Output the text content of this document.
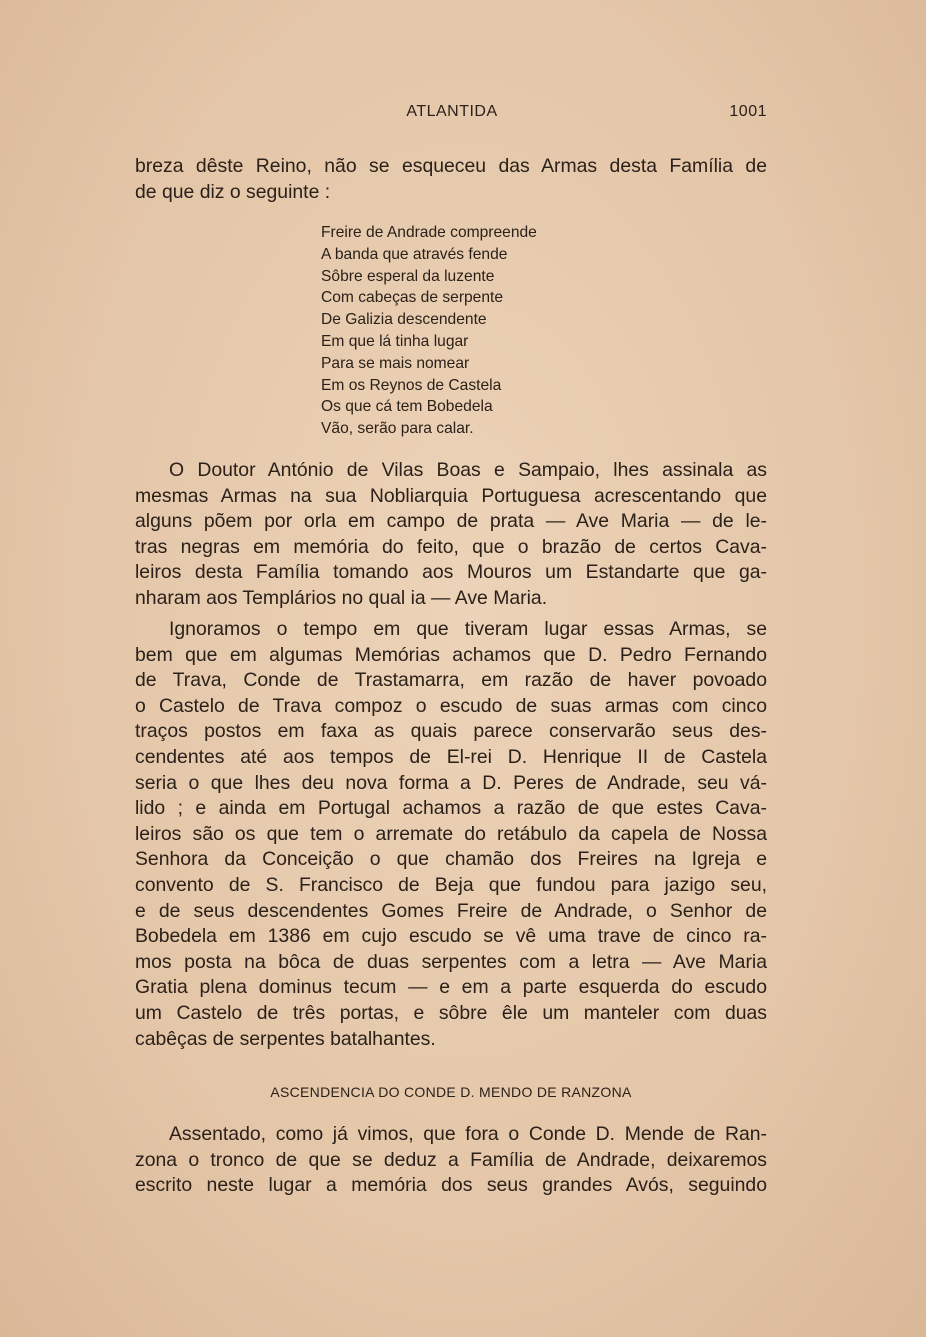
ATLANTIDA	1001
breza dêste Reino, não se esqueceu das Armas desta Família de
de que diz o seguinte :
Freire de Andrade compreende
A banda que através fende
Sôbre esperal da luzente
Com cabeças de serpente
De Galizia descendente
Em que lá tinha lugar
Para se mais nomear
Em os Reynos de Castela
Os que cá tem Bobedela
Vão, serão para calar.
O Doutor António de Vilas Boas e Sampaio, lhes assinala as
mesmas Armas na sua Nobliarquia Portuguesa acrescentando que
alguns põem por orla em campo de prata — Ave Maria — de le-
tras negras em memória do feito, que o brazão de certos Cava-
leiros desta Família tomando aos Mouros um Estandarte que ga-
nharam aos Templários no qual ia — Ave Maria.
Ignoramos o tempo em que tiveram lugar essas Armas, se
bem que em algumas Memórias achamos que D. Pedro Fernando
de Trava, Conde de Trastamarra, em razão de haver povoado
o Castelo de Trava compoz o escudo de suas armas com cinco
traços postos em faxa as quais parece conservarão seus des-
cendentes até aos tempos de El-rei D. Henrique II de Castela
seria o que lhes deu nova forma a D. Peres de Andrade, seu vá-
lido ; e ainda em Portugal achamos a razão de que estes Cava-
leiros são os que tem o arremate do retábulo da capela de Nossa
Senhora da Conceição o que chamão dos Freires na Igreja e
convento de S. Francisco de Beja que fundou para jazigo seu,
e de seus descendentes Gomes Freire de Andrade, o Senhor de
Bobedela em 1386 em cujo escudo se vê uma trave de cinco ra-
mos posta na bôca de duas serpentes com a letra — Ave Maria
Gratia plena dominus tecum — e em a parte esquerda do escudo
um Castelo de três portas, e sôbre êle um manteler com duas
cabêças de serpentes batalhantes.
ASCENDENCIA DO CONDE D. MENDO DE RANZONA
Assentado, como já vimos, que fora o Conde D. Mende de Ran-
zona o tronco de que se deduz a Família de Andrade, deixaremos
escrito neste lugar a memória dos seus grandes Avós, seguindo
